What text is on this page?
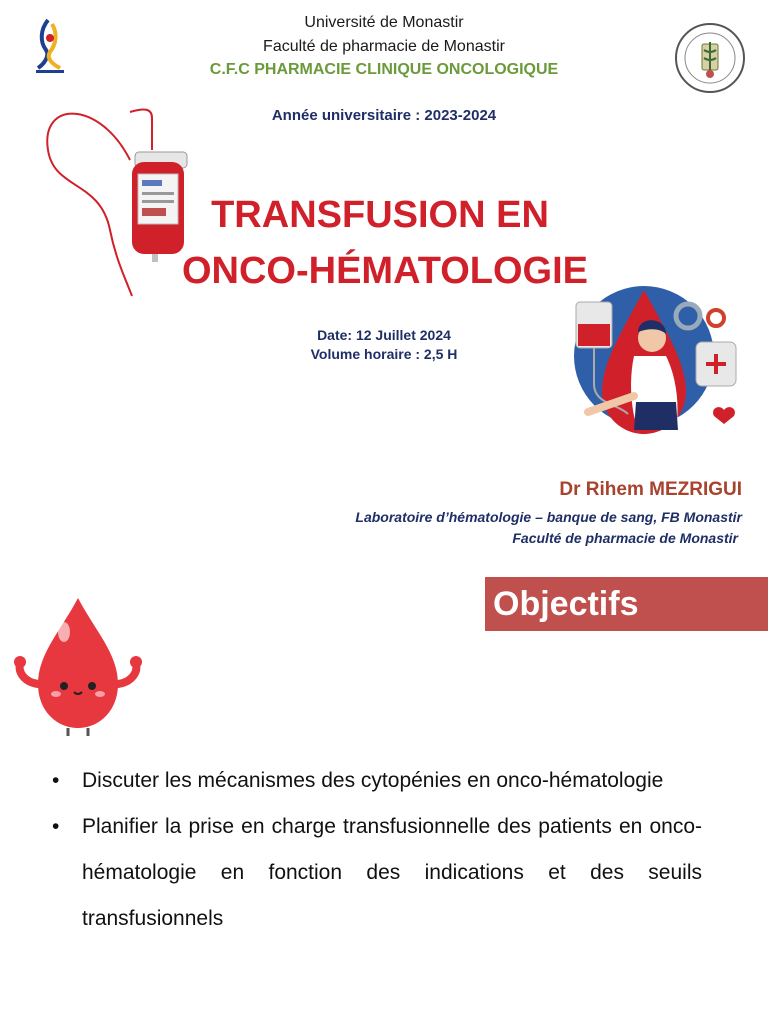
Université de Monastir
Faculté de pharmacie de Monastir
C.F.C PHARMACIE CLINIQUE ONCOLOGIQUE
Année universitaire : 2023-2024
TRANSFUSION EN
ONCO-HÉMATOLOGIE
Date: 12 Juillet 2024
Volume horaire : 2,5 H
Dr Rihem MEZRIGUI
Laboratoire d’hématologie – banque de sang, FB Monastir
Faculté de pharmacie de Monastir
Objectifs
• Discuter les mécanismes des cytopénies en onco-hématologie
• Planifier la prise en charge transfusionnelle des patients en onco-hématologie en fonction des indications et des seuils transfusionnels
